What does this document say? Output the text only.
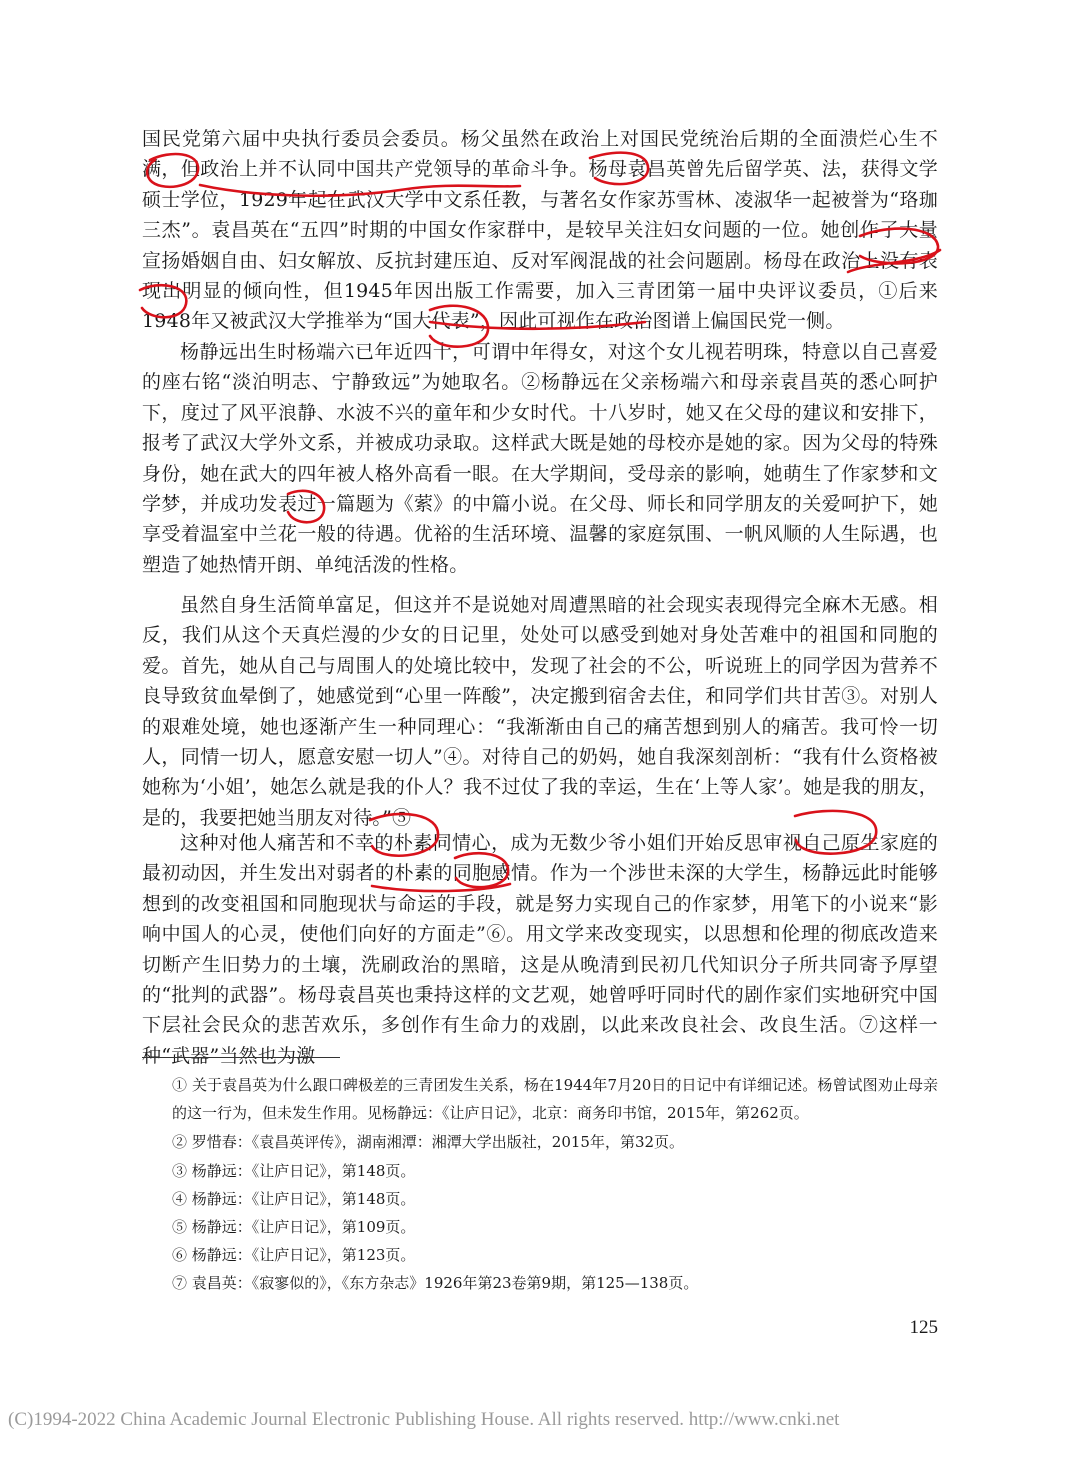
国民党第六届中央执行委员会委员。杨父虽然在政治上对国民党统治后期的全面溃烂心生不满，但政治上并不认同中国共产党领导的革命斗争。杨母袁昌英曾先后留学英、法，获得文学硕士学位，1929年起在武汉大学中文系任教，与著名女作家苏雪林、凌淑华一起被誉为“珞珈三杰”。袁昌英在“五四”时期的中国女作家群中，是较早关注妇女问题的一位。她创作了大量宣扬婚姻自由、妇女解放、反抗封建压迫、反对军阀混战的社会问题剧。杨母在政治上没有表现出明显的倾向性，但1945年因出版工作需要，加入三青团第一届中央评议委员，①后来1948年又被武汉大学推举为“国大代表”，因此可视作在政治图谱上偏国民党一侧。
杨静远出生时杨端六已年近四十，可谓中年得女，对这个女儿视若明珠，特意以自己喜爱的座右铭“淡泊明志、宁静致远”为她取名。②杨静远在父亲杨端六和母亲袁昌英的悉心呵护下，度过了风平浪静、水波不兴的童年和少女时代。十八岁时，她又在父母的建议和安排下，报考了武汉大学外文系，并被成功录取。这样武大既是她的母校亦是她的家。因为父母的特殊身份，她在武大的四年被人格外高看一眼。在大学期间，受母亲的影响，她萌生了作家梦和文学梦，并成功发表过一篇题为《萦》的中篇小说。在父母、师长和同学朋友的关爱呵护下，她享受着温室中兰花一般的待遇。优裕的生活环境、温馨的家庭氛围、一帆风顺的人生际遇，也塑造了她热情开朗、单纯活泼的性格。
虽然自身生活简单富足，但这并不是说她对周遭黑暗的社会现实表现得完全麻木无感。相反，我们从这个天真烂漫的少女的日记里，处处可以感受到她对身处苦难中的祖国和同胞的爱。首先，她从自己与周围人的处境比较中，发现了社会的不公，听说班上的同学因为营养不良导致贫血晕倒了，她感觉到“心里一阵酸”，决定搬到宿舍去住，和同学们共甘苦③。对别人的艰难处境，她也逐渐产生一种同理心：“我渐渐由自己的痛苦想到别人的痛苦。我可怜一切人，同情一切人，愿意安慰一切人”④。对待自己的奶妈，她自我深刻剖析：“我有什么资格被她称为‘小姐’，她怎么就是我的仆人？我不过仗了我的幸运，生在‘上等人家’。她是我的朋友，是的，我要把她当朋友对待。”⑤
这种对他人痛苦和不幸的朴素同情心，成为无数少爷小姐们开始反思审视自己原生家庭的最初动因，并生发出对弱者的朴素的同胞感情。作为一个涉世未深的大学生，杨静远此时能够想到的改变祖国和同胞现状与命运的手段，就是努力实现自己的作家梦，用笔下的小说来“影响中国人的心灵，使他们向好的方面走”⑥。用文学来改变现实，以思想和伦理的彻底改造来切断产生旧势力的土壤，洗刷政治的黑暗，这是从晚清到民初几代知识分子所共同寄予厚望的“批判的武器”。杨母袁昌英也秉持这样的文艺观，她曾呼吁同时代的剧作家们实地研究中国下层社会民众的悲苦欢乐，多创作有生命力的戏剧，以此来改良社会、改良生活。⑦这样一种“武器”当然也为激
① 关于袁昌英为什么跟口碑极差的三青团发生关系，杨在1944年7月20日的日记中有详细记述。杨曾试图劝止母亲的这一行为，但未发生作用。见杨静远：《让庐日记》，北京：商务印书馆，2015年，第262页。
② 罗惜春：《袁昌英评传》，湖南湘潭：湘潭大学出版社，2015年，第32页。
③ 杨静远：《让庐日记》，第148页。
④ 杨静远：《让庐日记》，第148页。
⑤ 杨静远：《让庐日记》，第109页。
⑥ 杨静远：《让庐日记》，第123页。
⑦ 袁昌英：《寂寥似的》，《东方杂志》1926年第23卷第9期，第125—138页。
125
(C)1994-2022 China Academic Journal Electronic Publishing House. All rights reserved. http://www.cnki.net
